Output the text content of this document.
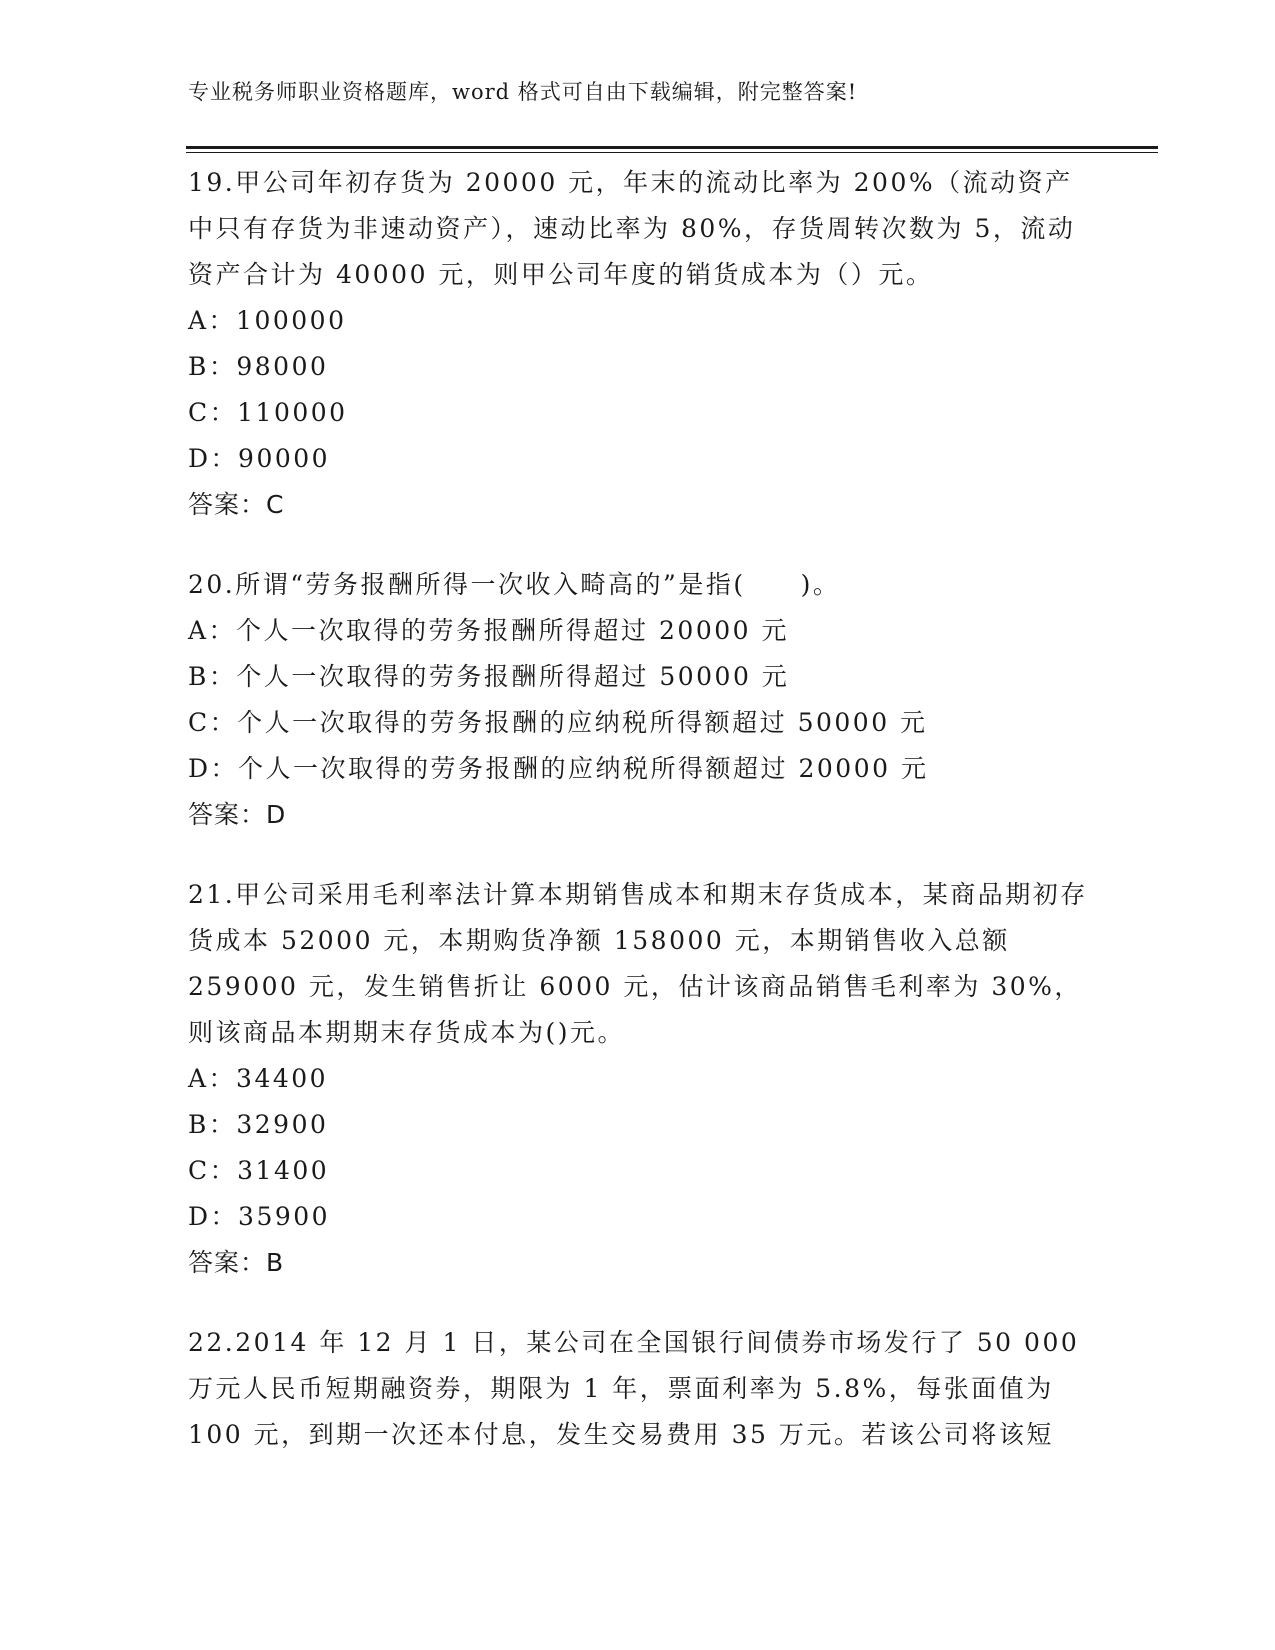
专业税务师职业资格题库，word 格式可自由下载编辑，附完整答案!

19.甲公司年初存货为 20000 元，年末的流动比率为 200%（流动资产中只有存货为非速动资产），速动比率为 80%，存货周转次数为 5，流动资产合计为 40000 元，则甲公司年度的销货成本为（）元。

A：100000

B：98000

C：110000

D：90000

答案：C

20.所谓“劳务报酬所得一次收入畸高的”是指(　　)。

A：个人一次取得的劳务报酬所得超过 20000 元

B：个人一次取得的劳务报酬所得超过 50000 元

C：个人一次取得的劳务报酬的应纳税所得额超过 50000 元

D：个人一次取得的劳务报酬的应纳税所得额超过 20000 元

答案：D

21.甲公司采用毛利率法计算本期销售成本和期末存货成本，某商品期初存货成本 52000 元，本期购货净额 158000 元，本期销售收入总额 259000 元，发生销售折让 6000 元，估计该商品销售毛利率为 30%，则该商品本期期末存货成本为()元。

A：34400

B：32900

C：31400

D：35900

答案：B

22.2014 年 12 月 1 日，某公司在全国银行间债券市场发行了 50 000 万元人民币短期融资券，期限为 1 年，票面利率为 5.8%，每张面值为 100 元，到期一次还本付息，发生交易费用 35 万元。若该公司将该短
